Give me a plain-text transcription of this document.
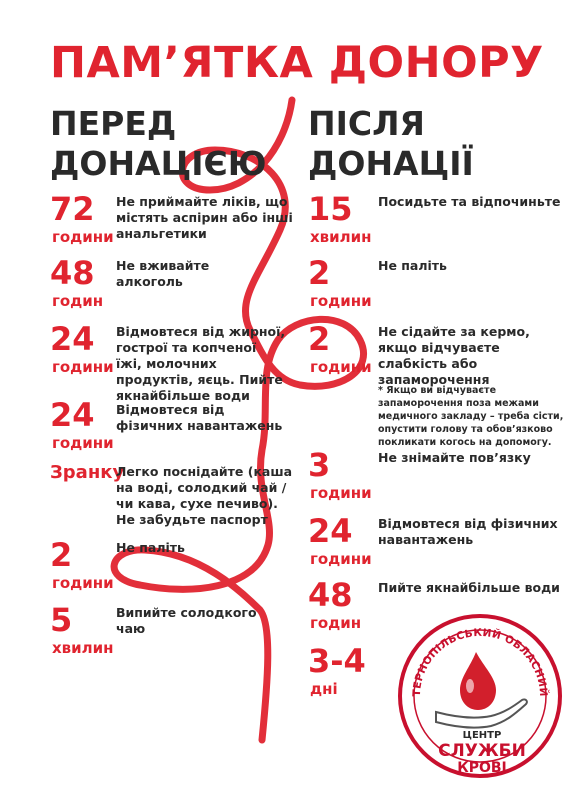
ПАМ’ЯТКА ДОНОРУ
ПЕРЕД
ДОНАЦІЄЮ
ПІСЛЯ
ДОНАЦІЇ
72
години
Не приймайте ліків, що містять аспірин або інші анальгетики
48
годин
Не вживайте алкоголь
24
години
Відмовтеся від жирної, гострої та копченої їжі, молочних продуктів, яєць. Пийте якнайбільше води
24
години
Відмовтеся від фізичних навантажень
Зранку
Легко поснідайте (каша на воді, солодкий чай /чи кава, сухе печиво). Не забудьте паспорт
2
години
Не паліть
5
хвилин
Випийте солодкого чаю
15
хвилин
Посидьте та відпочиньте
2
години
Не паліть
2
години
Не сідайте за кермо, якщо відчуваєте слабкість або запаморочення
* Якщо ви відчуваєте запаморочення поза межами медичного закладу – треба сісти, опустити голову та обов’язково покликати когось на допомогу.
3
години
Не знімайте пов’язку
24
години
Відмовтеся від фізичних навантажень
48
годин
Пийте якнайбільше води
3-4
дні	ТЕРНОПІЛЬСЬКИЙ ОБЛАСНИЙ
ЦЕНТР
СЛУЖБИ
КРОВІ
